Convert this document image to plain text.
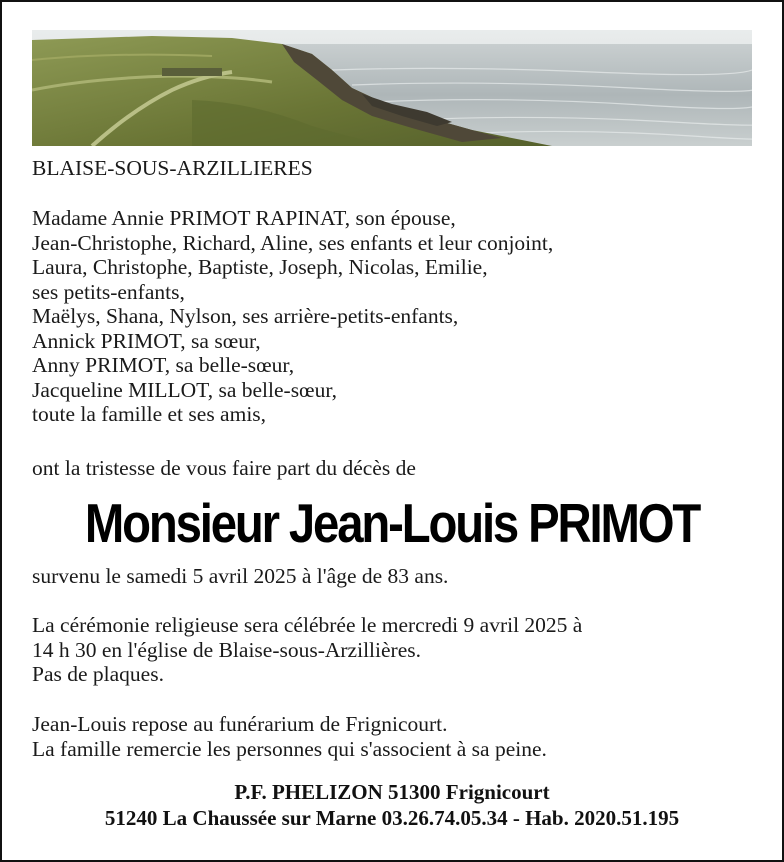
BLAISE-SOUS-ARZILLIERES
Madame Annie PRIMOT RAPINAT, son épouse,
Jean-Christophe, Richard, Aline, ses enfants et leur conjoint,
Laura, Christophe, Baptiste, Joseph, Nicolas, Emilie,
ses petits-enfants,
Maëlys, Shana, Nylson, ses arrière-petits-enfants,
Annick PRIMOT, sa sœur,
Anny PRIMOT, sa belle-sœur,
Jacqueline MILLOT, sa belle-sœur,
toute la famille et ses amis,
ont la tristesse de vous faire part du décès de
Monsieur Jean-Louis PRIMOT
survenu le samedi 5 avril 2025 à l'âge de 83 ans.
La cérémonie religieuse sera célébrée le mercredi 9 avril 2025 à
14 h 30 en l'église de Blaise-sous-Arzillières.
Pas de plaques.
Jean-Louis repose au funérarium de Frignicourt.
La famille remercie les personnes qui s'associent à sa peine.
P.F. PHELIZON 51300 Frignicourt
51240 La Chaussée sur Marne 03.26.74.05.34 - Hab. 2020.51.195
